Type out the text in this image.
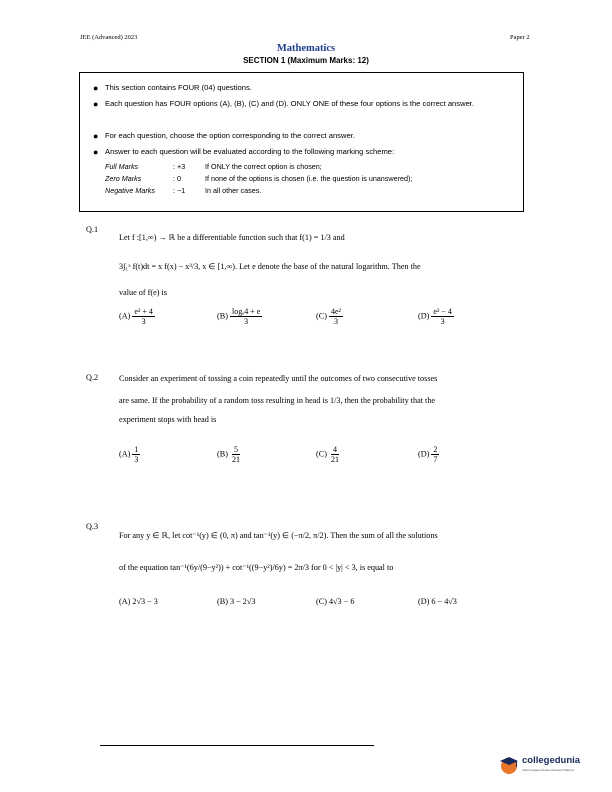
JEE (Advanced) 2023	Paper 2
Mathematics
SECTION 1 (Maximum Marks: 12)
● This section contains FOUR (04) questions.
● Each question has FOUR options (A), (B), (C) and (D). ONLY ONE of these four options is the correct answer.
● For each question, choose the option corresponding to the correct answer.
● Answer to each question will be evaluated according to the following marking scheme:
Full Marks	: +3	If ONLY the correct option is chosen;
Zero Marks	: 0	If none of the options is chosen (i.e. the question is unanswered);
Negative Marks	: −1	In all other cases.
Q.1
Let f :[1,∞) → ℝ be a differentiable function such that f(1) = 1/3 and
3∫₁ˣ f(t)dt = x f(x) − x³/3, x ∈ [1,∞). Let e denote the base of the natural logarithm. Then the
value of f(e) is
$(A) \frac{\text{e² + 4}}{3}$	$(B) \frac{\text{logₑ4 + e}}{3}$	$(C) \frac{\text{4e²}}{3}$	$(D) \frac{\text{e² − 4}}{3}$
Q.2	Consider an experiment of tossing a coin repeatedly until the outcomes of two consecutive tosses
are same. If the probability of a random toss resulting in head is 1/3, then the probability that the
experiment stops with head is
$(A) \frac{1}{3}$	$(B) \frac{5}{21}$	$(C) \frac{4}{21}$	$(D) \frac{2}{7}$
Q.3
For any y ∈ ℝ, let cot⁻¹(y) ∈ (0, π) and tan⁻¹(y) ∈ (−π/2, π/2). Then the sum of all the solutions
of the equation tan⁻¹(6y/(9−y²)) + cot⁻¹((9−y²)/6y) = 2π/3 for 0 < |y| < 3, is equal to
(A) 2√3 − 3	(B) 3 − 2√3	(C) 4√3 − 6	(D) 6 − 4√3
collegedunia
India's largest Student Review Platform
